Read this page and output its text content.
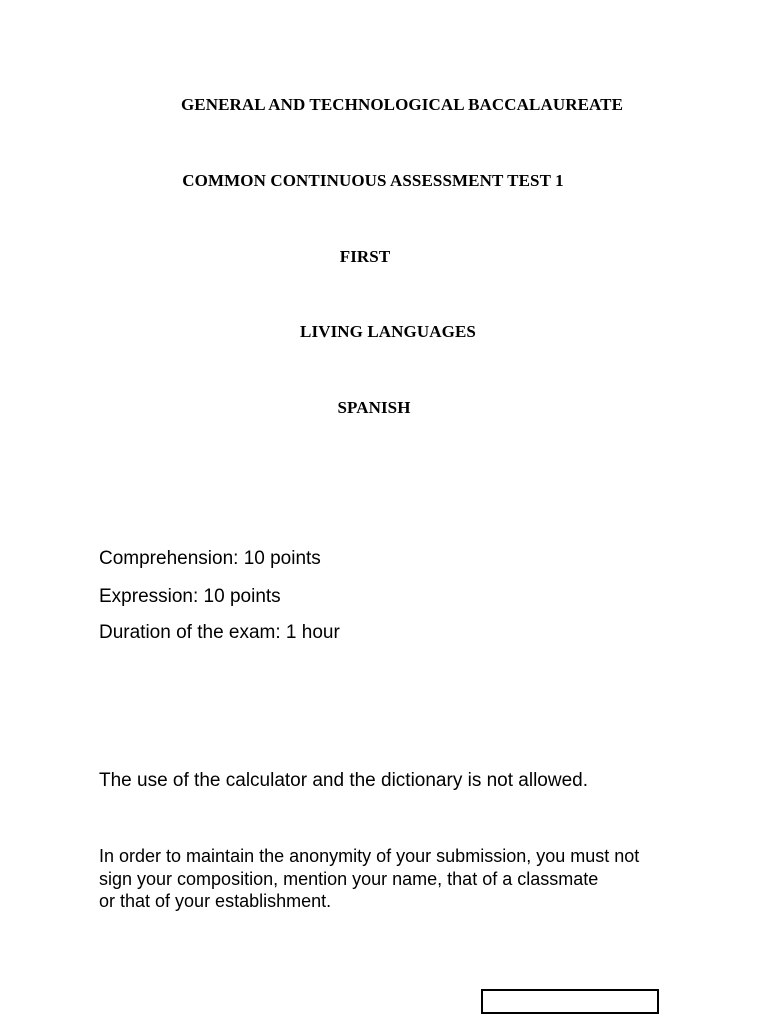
GENERAL AND TECHNOLOGICAL BACCALAUREATE
COMMON CONTINUOUS ASSESSMENT TEST 1
FIRST
LIVING LANGUAGES
SPANISH
Comprehension: 10 points
Expression: 10 points
Duration of the exam: 1 hour
The use of the calculator and the dictionary is not allowed.
In order to maintain the anonymity of your submission, you must not
sign your composition, mention your name, that of a classmate
or that of your establishment.
